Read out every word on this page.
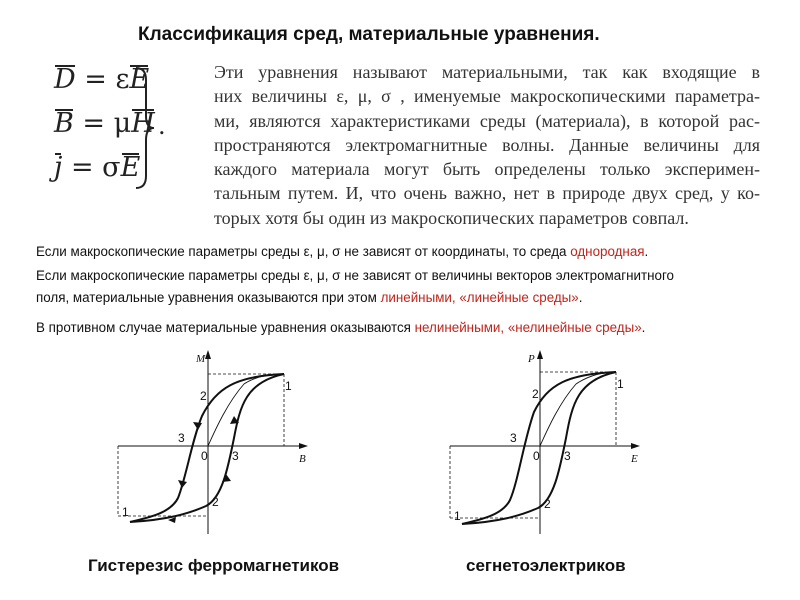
Классификация сред, материальные уравнения.
D = εE
B = μH
j = σE
.
Эти уравнения называют материальными, так как входящие в
них величины ε, μ, σ , именуемые макроскопическими параметра-
ми, являются характеристиками среды (материала), в которой рас-
пространяются электромагнитные волны. Данные величины для
каждого материала могут быть определены только эксперимен-
тальным путем. И, что очень важно, нет в природе двух сред, у ко-
торых хотя бы один из макроскопических параметров совпал.
Если макроскопические параметры среды ε, μ, σ не зависят от координаты, то среда однородная.
Если макроскопические параметры среды ε, μ, σ не зависят от величины векторов электромагнитного
поля, материальные уравнения оказываются при этом линейными, «линейные среды».
В противном случае материальные уравнения оказываются нелинейными, «нелинейные среды».
M
B
1
2
3
0 3
2
1
P
E
1
2
3
0 3
2
1
Гистерезис ферромагнетиков	сегнетоэлектриков
